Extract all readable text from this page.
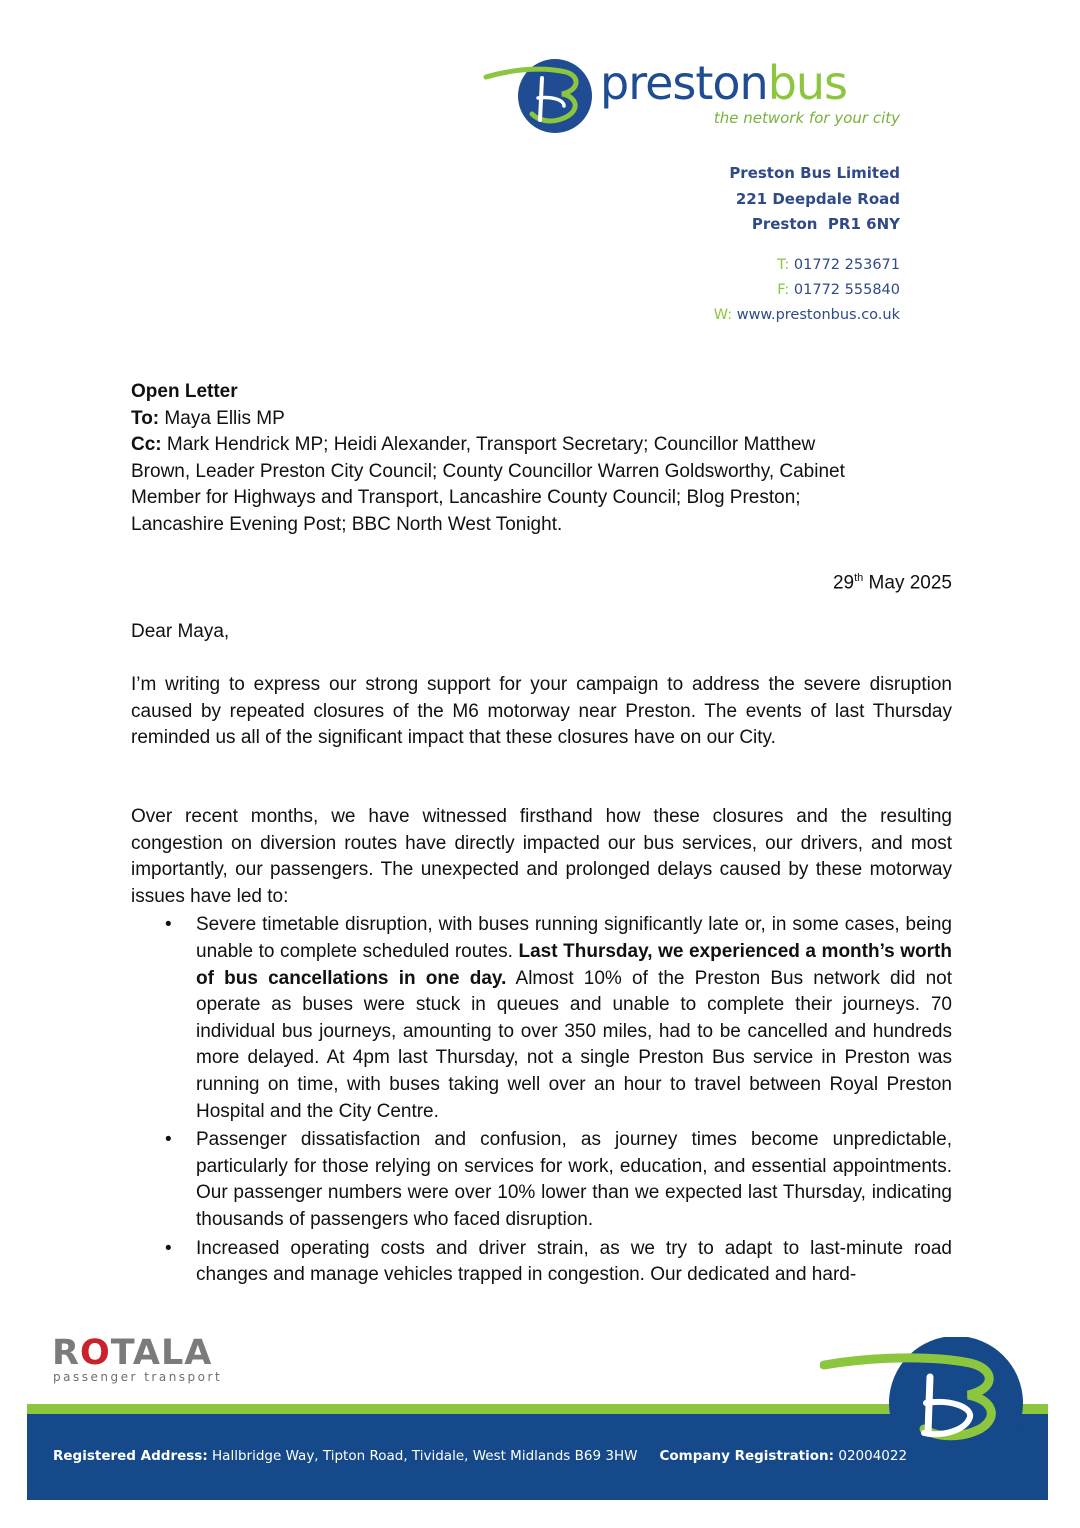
prestonbus
the network for your city
Preston Bus Limited
221 Deepdale Road
Preston  PR1 6NY
T: 01772 253671
F: 01772 555840
W: www.prestonbus.co.uk
Open Letter
To: Maya Ellis MP
Cc: Mark Hendrick MP; Heidi Alexander, Transport Secretary; Councillor Matthew
Brown, Leader Preston City Council; County Councillor Warren Goldsworthy, Cabinet
Member for Highways and Transport, Lancashire County Council; Blog Preston;
Lancashire Evening Post; BBC North West Tonight.
29th May 2025
Dear Maya,
I’m writing to express our strong support for your campaign to address the severe disruption caused by repeated closures of the M6 motorway near Preston. The events of last Thursday reminded us all of the significant impact that these closures have on our City.
Over recent months, we have witnessed firsthand how these closures and the resulting congestion on diversion routes have directly impacted our bus services, our drivers, and most importantly, our passengers. The unexpected and prolonged delays caused by these motorway issues have led to:
• Severe timetable disruption, with buses running significantly late or, in some cases, being unable to complete scheduled routes. Last Thursday, we experienced a month’s worth of bus cancellations in one day. Almost 10% of the Preston Bus network did not operate as buses were stuck in queues and unable to complete their journeys. 70 individual bus journeys, amounting to over 350 miles, had to be cancelled and hundreds more delayed. At 4pm last Thursday, not a single Preston Bus service in Preston was running on time, with buses taking well over an hour to travel between Royal Preston Hospital and the City Centre.
• Passenger dissatisfaction and confusion, as journey times become unpredictable, particularly for those relying on services for work, education, and essential appointments. Our passenger numbers were over 10% lower than we expected last Thursday, indicating thousands of passengers who faced disruption.
• Increased operating costs and driver strain, as we try to adapt to last-minute road changes and manage vehicles trapped in congestion. Our dedicated and hard-
ROTALA
passenger transport
Registered Address: Hallbridge Way, Tipton Road, Tividale, West Midlands B69 3HW Company Registration: 02004022
